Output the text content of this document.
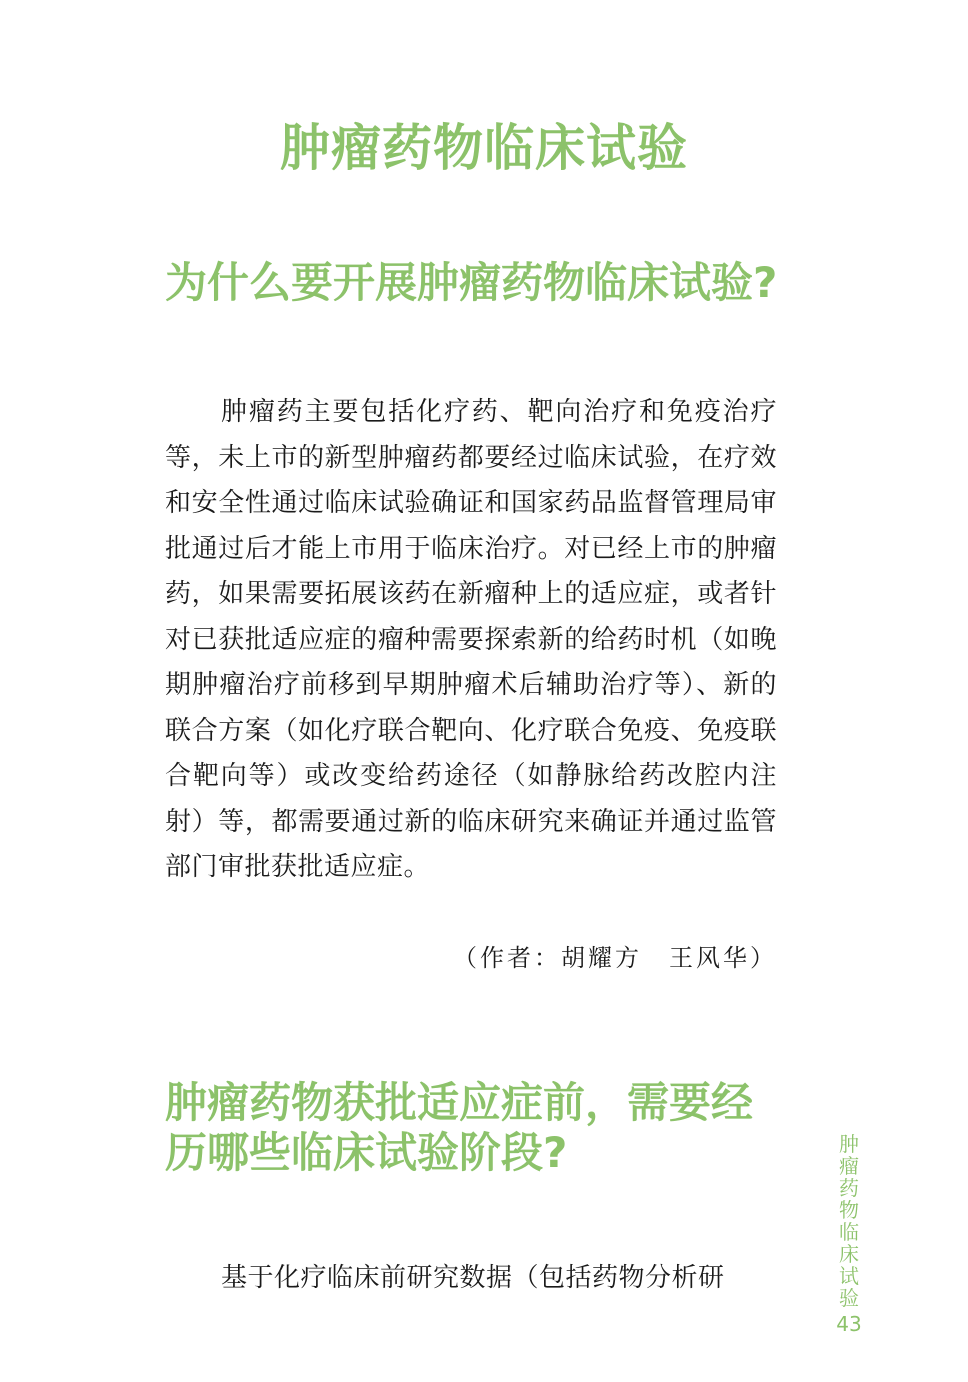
肿瘤药物临床试验
为什么要开展肿瘤药物临床试验?
肿瘤药主要包括化疗药、靶向治疗和免疫治疗等，未上市的新型肿瘤药都要经过临床试验，在疗效和安全性通过临床试验确证和国家药品监督管理局审批通过后才能上市用于临床治疗。对已经上市的肿瘤药，如果需要拓展该药在新瘤种上的适应症，或者针对已获批适应症的瘤种需要探索新的给药时机（如晚期肿瘤治疗前移到早期肿瘤术后辅助治疗等）、新的联合方案（如化疗联合靶向、化疗联合免疫、免疫联合靶向等）或改变给药途径（如静脉给药改腔内注射）等，都需要通过新的临床研究来确证并通过监管部门审批获批适应症。
（作者：胡耀方　王风华）
肿瘤药物获批适应症前，需要经历哪些临床试验阶段?
基于化疗临床前研究数据（包括药物分析研
肿瘤药物临床试验
43
